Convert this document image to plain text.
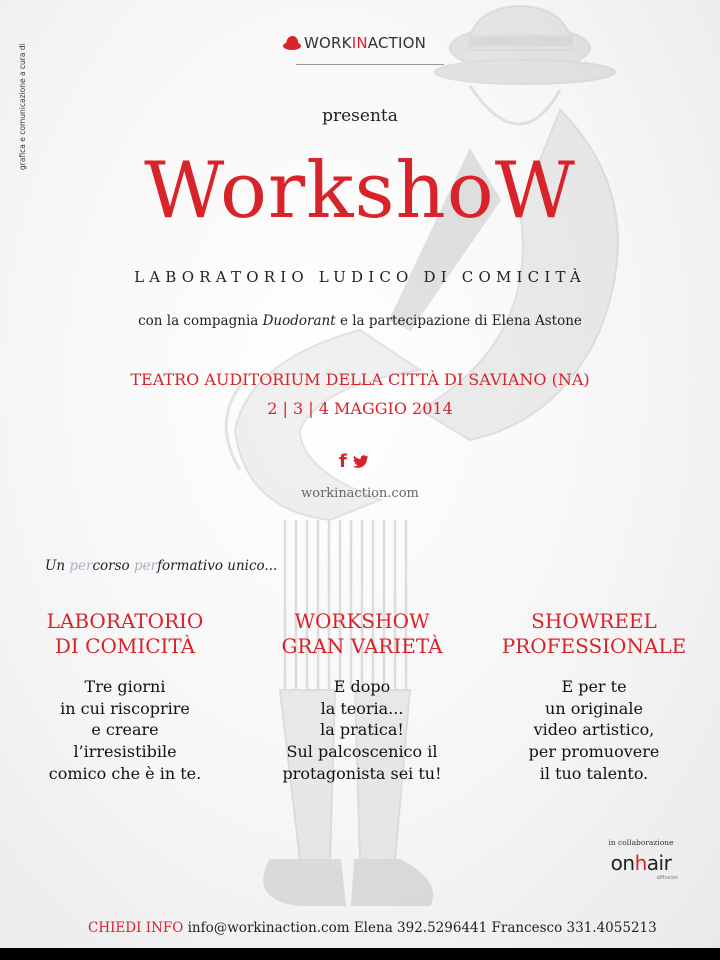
grafica e comunicazione a cura di
WORKINACTION
presenta
WorkshoW
LABORATORIO LUDICO DI COMICITÀ
con la compagnia Duodorant e la partecipazione di Elena Astone
TEATRO AUDITORIUM DELLA CITTÀ DI SAVIANO (NA)
2 | 3 | 4 MAGGIO 2014
f
workinaction.com
Un percorso performativo unico...
LABORATORIO
DI COMICITÀ
Tre giorni
in cui riscoprire
e creare
l’irresistibile
comico che è in te.
WORKSHOW
GRAN VARIETÀ
E dopo
la teoria...
la pratica!
Sul palcoscenico il
protagonista sei tu!
SHOWREEL
PROFESSIONALE
E per te
un originale
video artistico,
per promuovere
il tuo talento.
in collaborazione
onhair
diffusion
CHIEDI INFO info@workinaction.com Elena 392.5296441 Francesco 331.4055213
